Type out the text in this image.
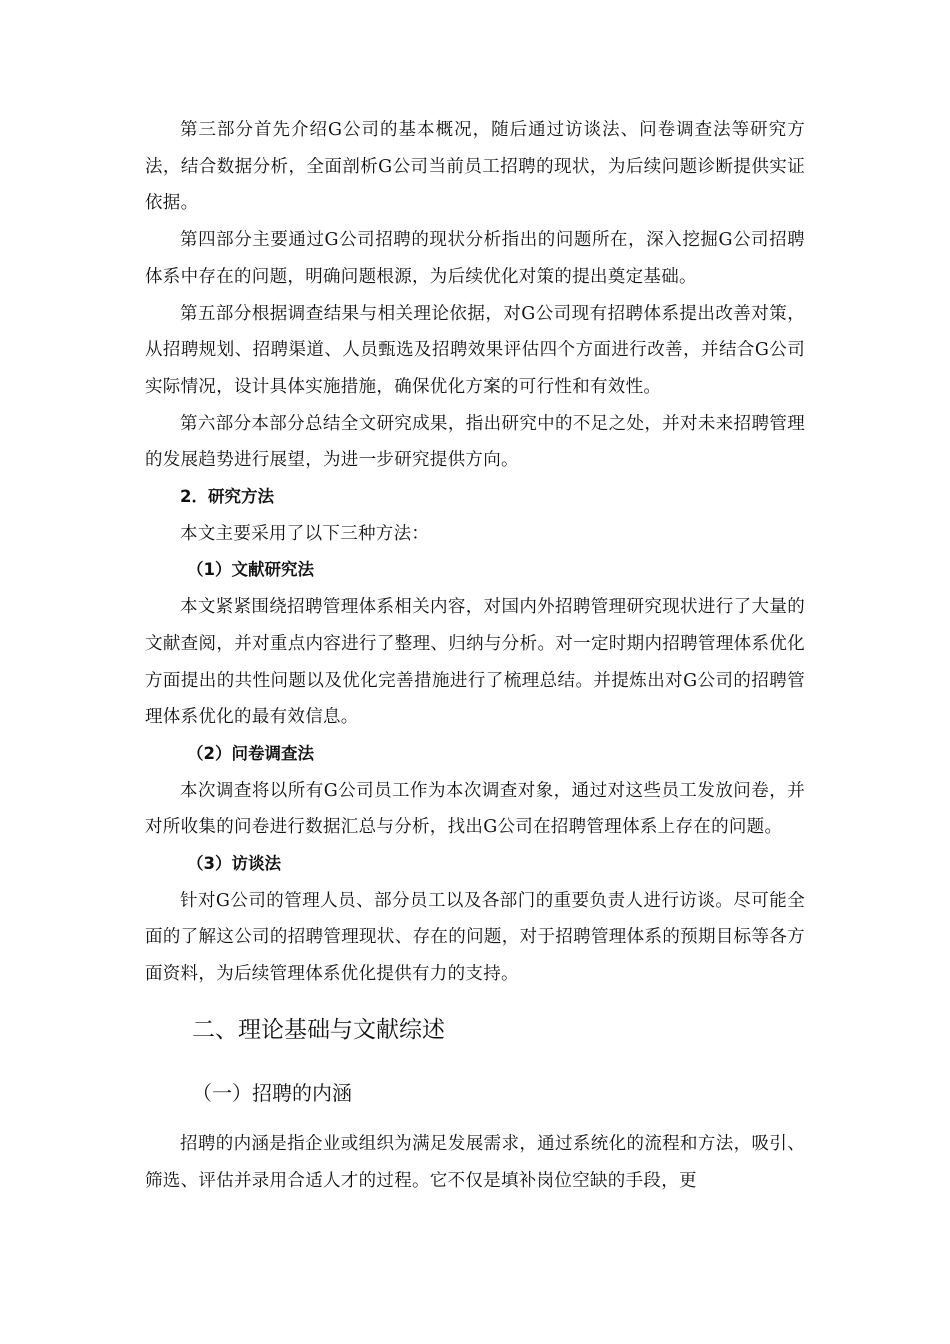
第三部分首先介绍G公司的基本概况，随后通过访谈法、问卷调查法等研究方法，结合数据分析，全面剖析G公司当前员工招聘的现状，为后续问题诊断提供实证依据。

第四部分主要通过G公司招聘的现状分析指出的问题所在，深入挖掘G公司招聘体系中存在的问题，明确问题根源，为后续优化对策的提出奠定基础。

第五部分根据调查结果与相关理论依据，对G公司现有招聘体系提出改善对策，从招聘规划、招聘渠道、人员甄选及招聘效果评估四个方面进行改善，并结合G公司实际情况，设计具体实施措施，确保优化方案的可行性和有效性。

第六部分本部分总结全文研究成果，指出研究中的不足之处，并对未来招聘管理的发展趋势进行展望，为进一步研究提供方向。

2．研究方法

本文主要采用了以下三种方法：

（1）文献研究法

本文紧紧围绕招聘管理体系相关内容，对国内外招聘管理研究现状进行了大量的文献查阅，并对重点内容进行了整理、归纳与分析。对一定时期内招聘管理体系优化方面提出的共性问题以及优化完善措施进行了梳理总结。并提炼出对G公司的招聘管理体系优化的最有效信息。

（2）问卷调查法

本次调查将以所有G公司员工作为本次调查对象，通过对这些员工发放问卷，并对所收集的问卷进行数据汇总与分析，找出G公司在招聘管理体系上存在的问题。

（3）访谈法

针对G公司的管理人员、部分员工以及各部门的重要负责人进行访谈。尽可能全面的了解这公司的招聘管理现状、存在的问题，对于招聘管理体系的预期目标等各方面资料，为后续管理体系优化提供有力的支持。

二、理论基础与文献综述
（一）招聘的内涵

招聘的内涵是指企业或组织为满足发展需求，通过系统化的流程和方法，吸引、筛选、评估并录用合适人才的过程。它不仅是填补岗位空缺的手段，更
